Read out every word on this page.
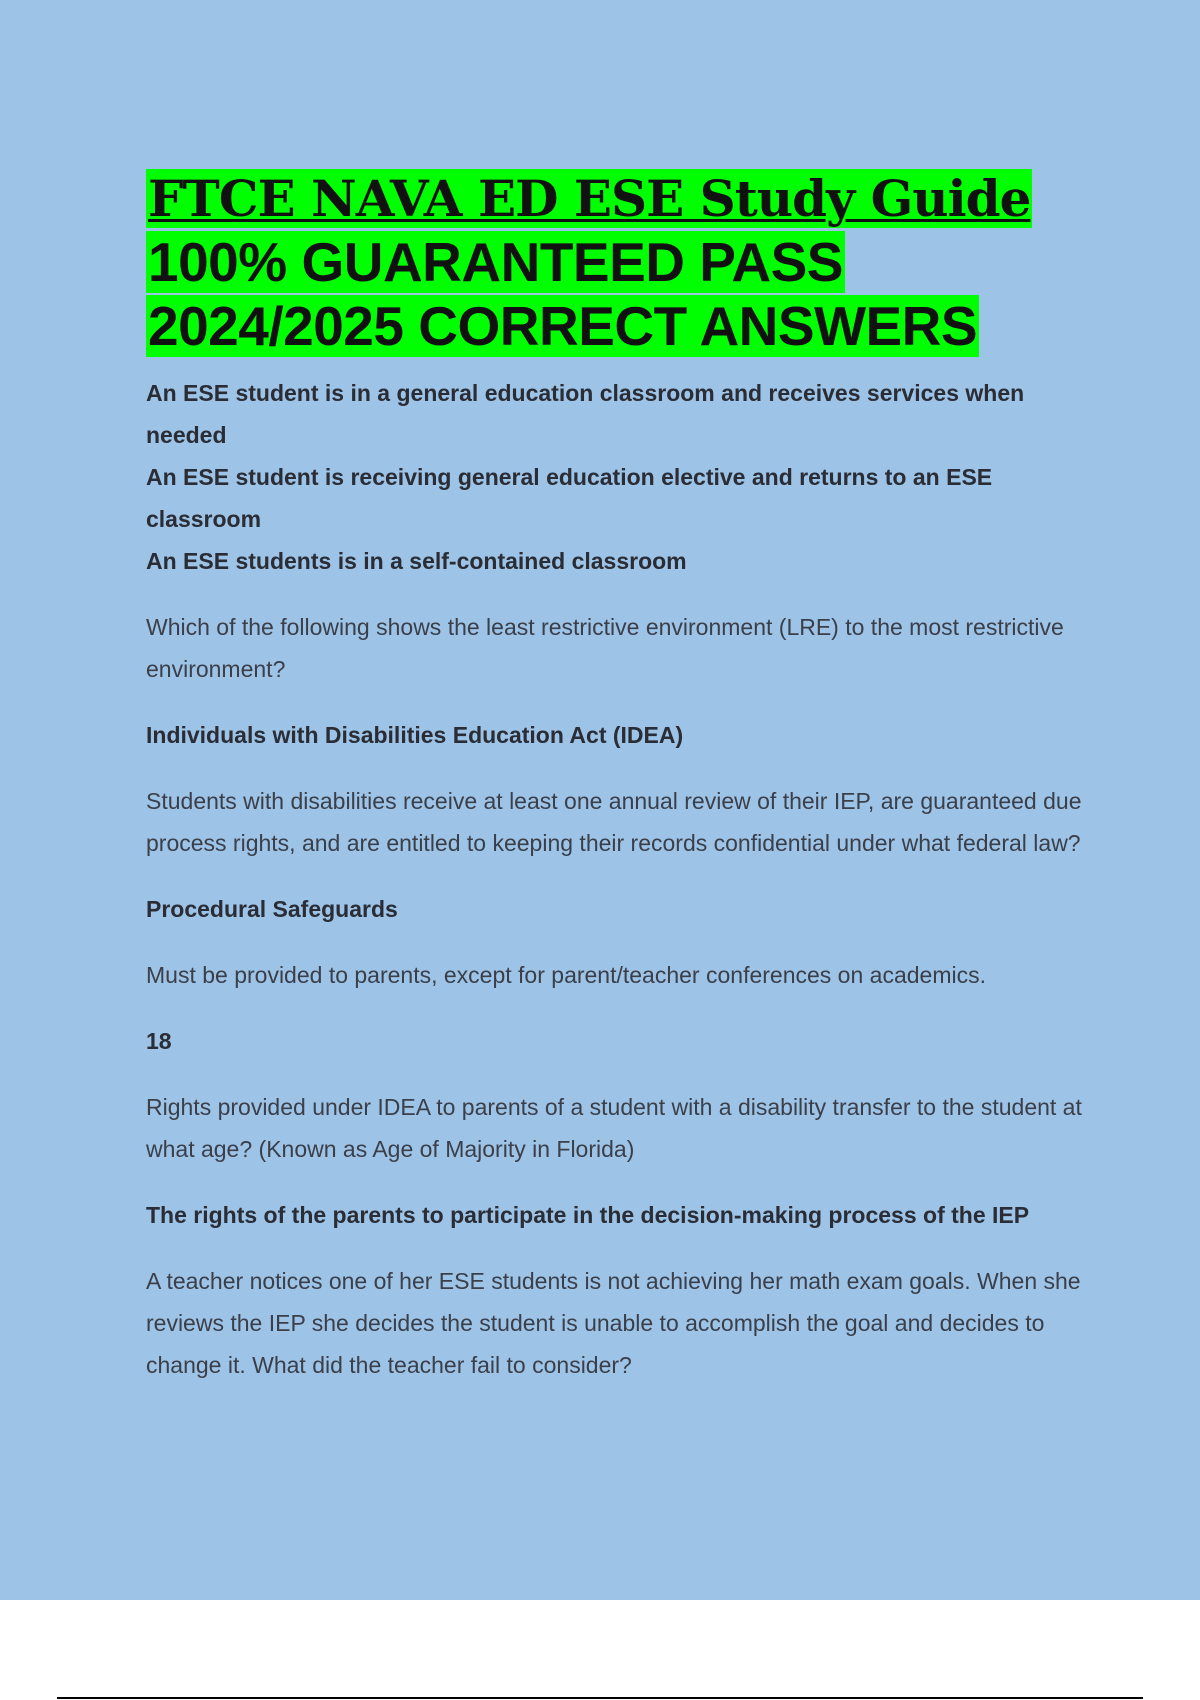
FTCE NAVA ED ESE Study Guide
100% GUARANTEED PASS
2024/2025 CORRECT ANSWERS

An ESE student is in a general education classroom and receives services when needed

An ESE student is receiving general education elective and returns to an ESE classroom

An ESE students is in a self-contained classroom

Which of the following shows the least restrictive environment (LRE) to the most restrictive environment?

Individuals with Disabilities Education Act (IDEA)

Students with disabilities receive at least one annual review of their IEP, are guaranteed due process rights, and are entitled to keeping their records confidential under what federal law?

Procedural Safeguards

Must be provided to parents, except for parent/teacher conferences on academics.

18

Rights provided under IDEA to parents of a student with a disability transfer to the student at what age? (Known as Age of Majority in Florida)

The rights of the parents to participate in the decision-making process of the IEP

A teacher notices one of her ESE students is not achieving her math exam goals. When she reviews the IEP she decides the student is unable to accomplish the goal and decides to change it. What did the teacher fail to consider?
